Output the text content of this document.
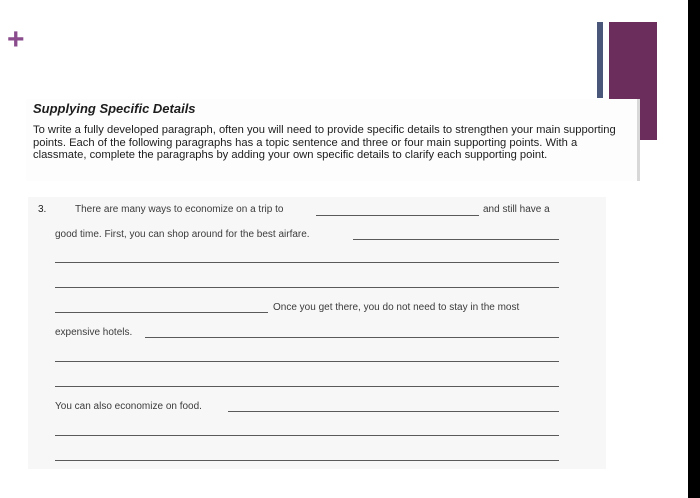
+
Supplying Specific Details
To write a fully developed paragraph, often you will need to provide specific details to strengthen your main supporting points. Each of the following paragraphs has a topic sentence and three or four main supporting points. With a classmate, complete the paragraphs by adding your own specific details to clarify each supporting point.
3.	There are many ways to economize on a trip to	and still have a
good time. First, you can shop around for the best airfare.
Once you get there, you do not need to stay in the most
expensive hotels.
You can also economize on food.
